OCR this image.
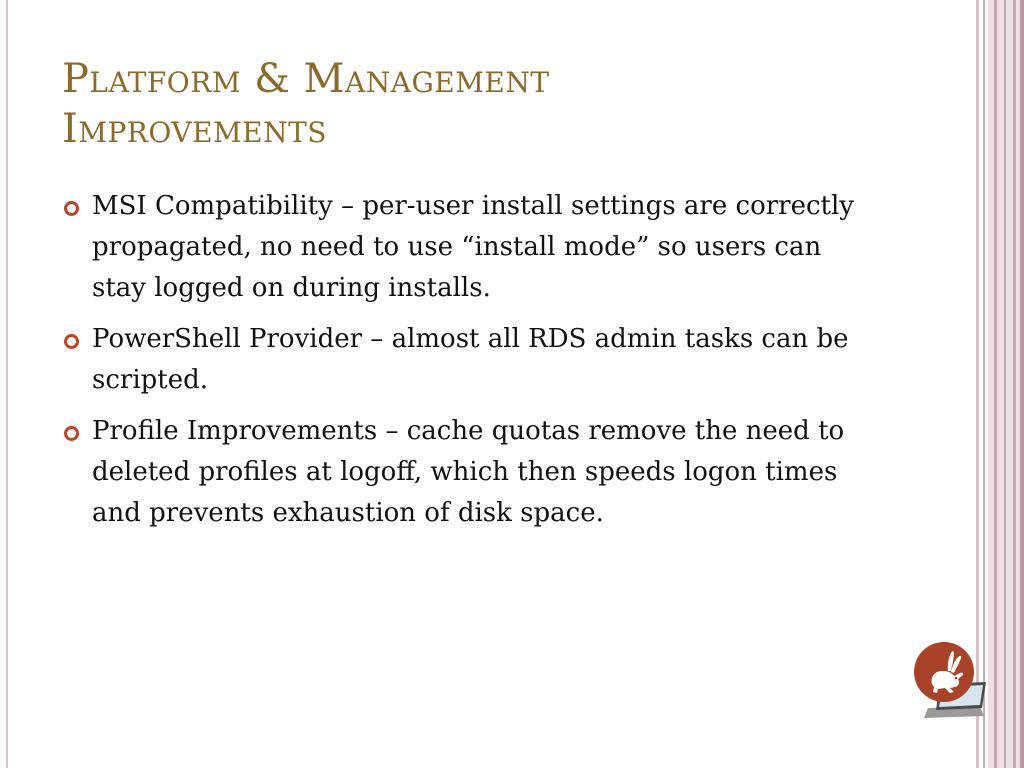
Platform & Management
Improvements
MSI Compatibility – per-user install settings are correctly propagated, no need to use “install mode” so users can stay logged on during installs.
PowerShell Provider – almost all RDS admin tasks can be scripted.
Profile Improvements – cache quotas remove the need to deleted profiles at logoff, which then speeds logon times and prevents exhaustion of disk space.
